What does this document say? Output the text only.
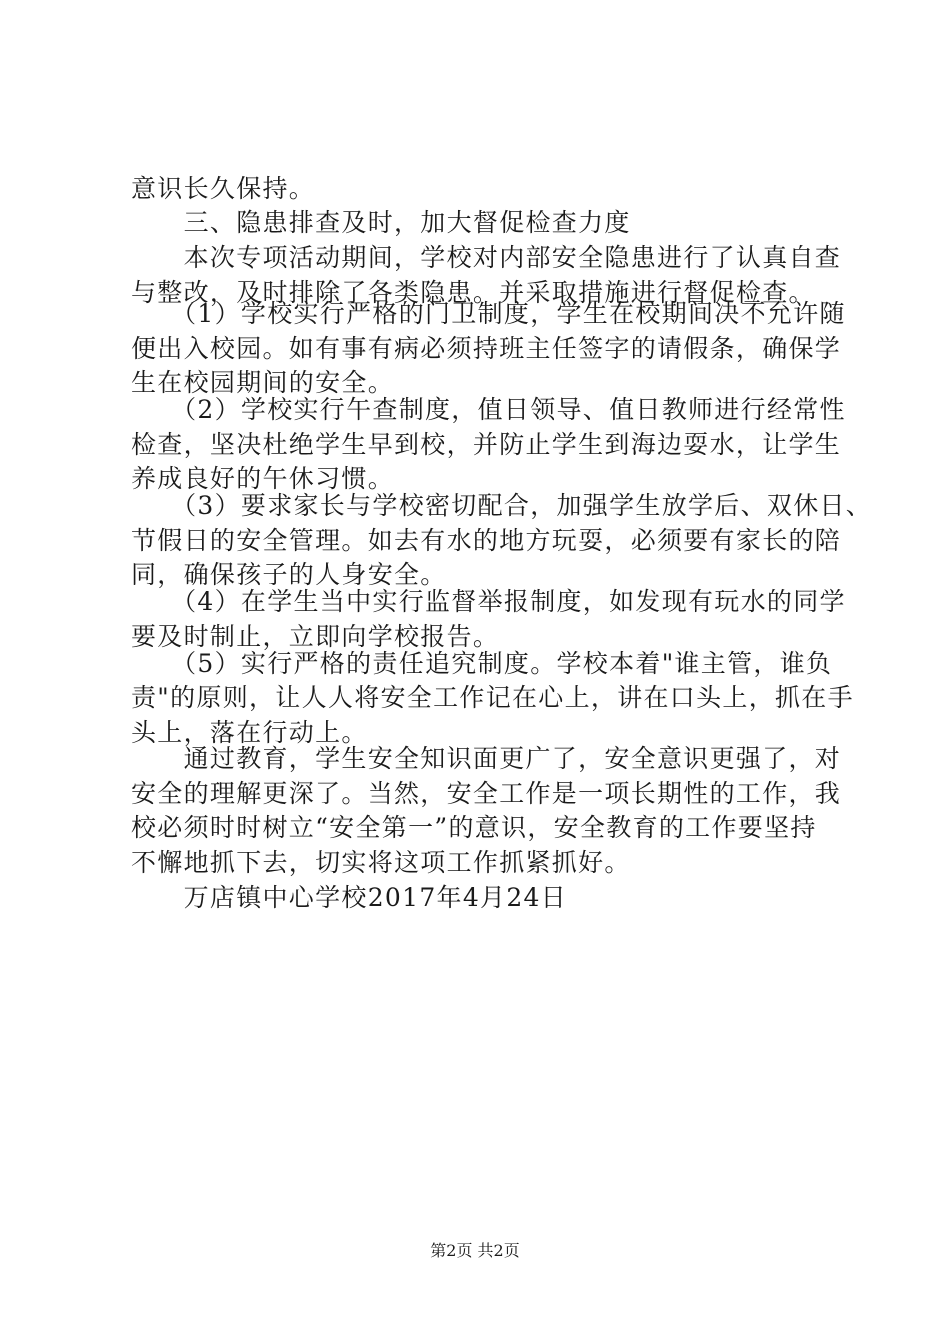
意识长久保持。
　　三、隐患排查及时，加大督促检查力度
　　本次专项活动期间，学校对内部安全隐患进行了认真自查
与整改，及时排除了各类隐患。并采取措施进行督促检查。
　　（1）学校实行严格的门卫制度，学生在校期间决不允许随
便出入校园。如有事有病必须持班主任签字的请假条，确保学
生在校园期间的安全。
　　（2）学校实行午查制度，值日领导、值日教师进行经常性
检查，坚决杜绝学生早到校，并防止学生到海边耍水，让学生
养成良好的午休习惯。
　　（3）要求家长与学校密切配合，加强学生放学后、双休日、
节假日的安全管理。如去有水的地方玩耍，必须要有家长的陪
同，确保孩子的人身安全。
　　（4）在学生当中实行监督举报制度，如发现有玩水的同学
要及时制止，立即向学校报告。
　　（5）实行严格的责任追究制度。学校本着"谁主管，谁负
责"的原则，让人人将安全工作记在心上，讲在口头上，抓在手
头上，落在行动上。
　　通过教育，学生安全知识面更广了，安全意识更强了，对
安全的理解更深了。当然，安全工作是一项长期性的工作，我
校必须时时树立“安全第一”的意识，安全教育的工作要坚持
不懈地抓下去，切实将这项工作抓紧抓好。
　　万店镇中心学校2017年4月24日
第2页 共2页
